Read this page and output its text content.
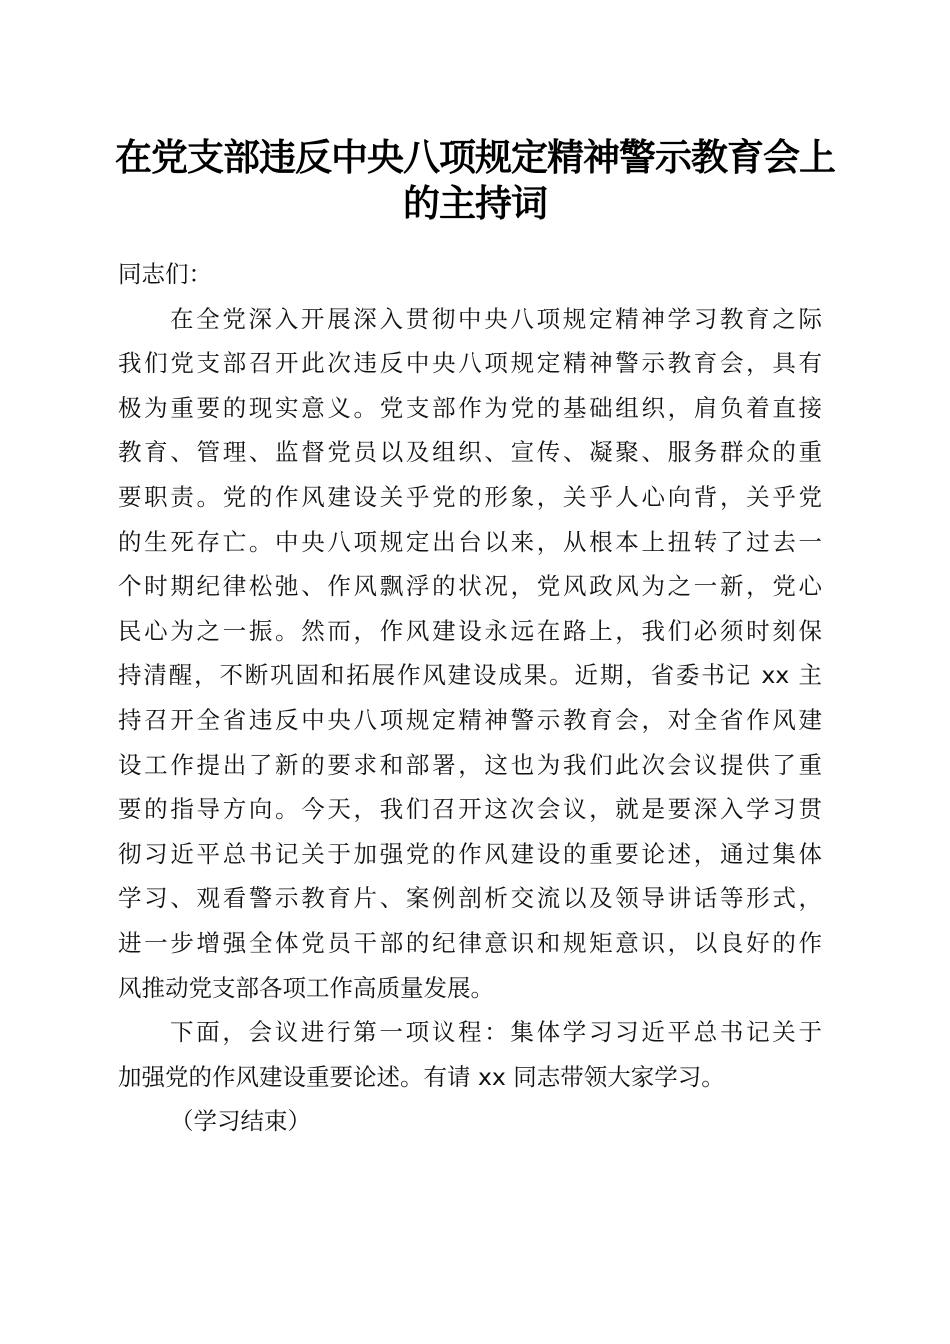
在党支部违反中央八项规定精神警示教育会上
的主持词
同志们：
在全党深入开展深入贯彻中央八项规定精神学习教育之际
我们党支部召开此次违反中央八项规定精神警示教育会，具有
极为重要的现实意义。党支部作为党的基础组织，肩负着直接
教育、管理、监督党员以及组织、宣传、凝聚、服务群众的重
要职责。党的作风建设关乎党的形象，关乎人心向背，关乎党
的生死存亡。中央八项规定出台以来，从根本上扭转了过去一
个时期纪律松弛、作风飘浮的状况，党风政风为之一新，党心
民心为之一振。然而，作风建设永远在路上，我们必须时刻保
持清醒，不断巩固和拓展作风建设成果。近期，省委书记 xx 主
持召开全省违反中央八项规定精神警示教育会，对全省作风建
设工作提出了新的要求和部署，这也为我们此次会议提供了重
要的指导方向。今天，我们召开这次会议，就是要深入学习贯
彻习近平总书记关于加强党的作风建设的重要论述，通过集体
学习、观看警示教育片、案例剖析交流以及领导讲话等形式，
进一步增强全体党员干部的纪律意识和规矩意识，以良好的作
风推动党支部各项工作高质量发展。
下面，会议进行第一项议程：集体学习习近平总书记关于
加强党的作风建设重要论述。有请 xx 同志带领大家学习。
（学习结束）
